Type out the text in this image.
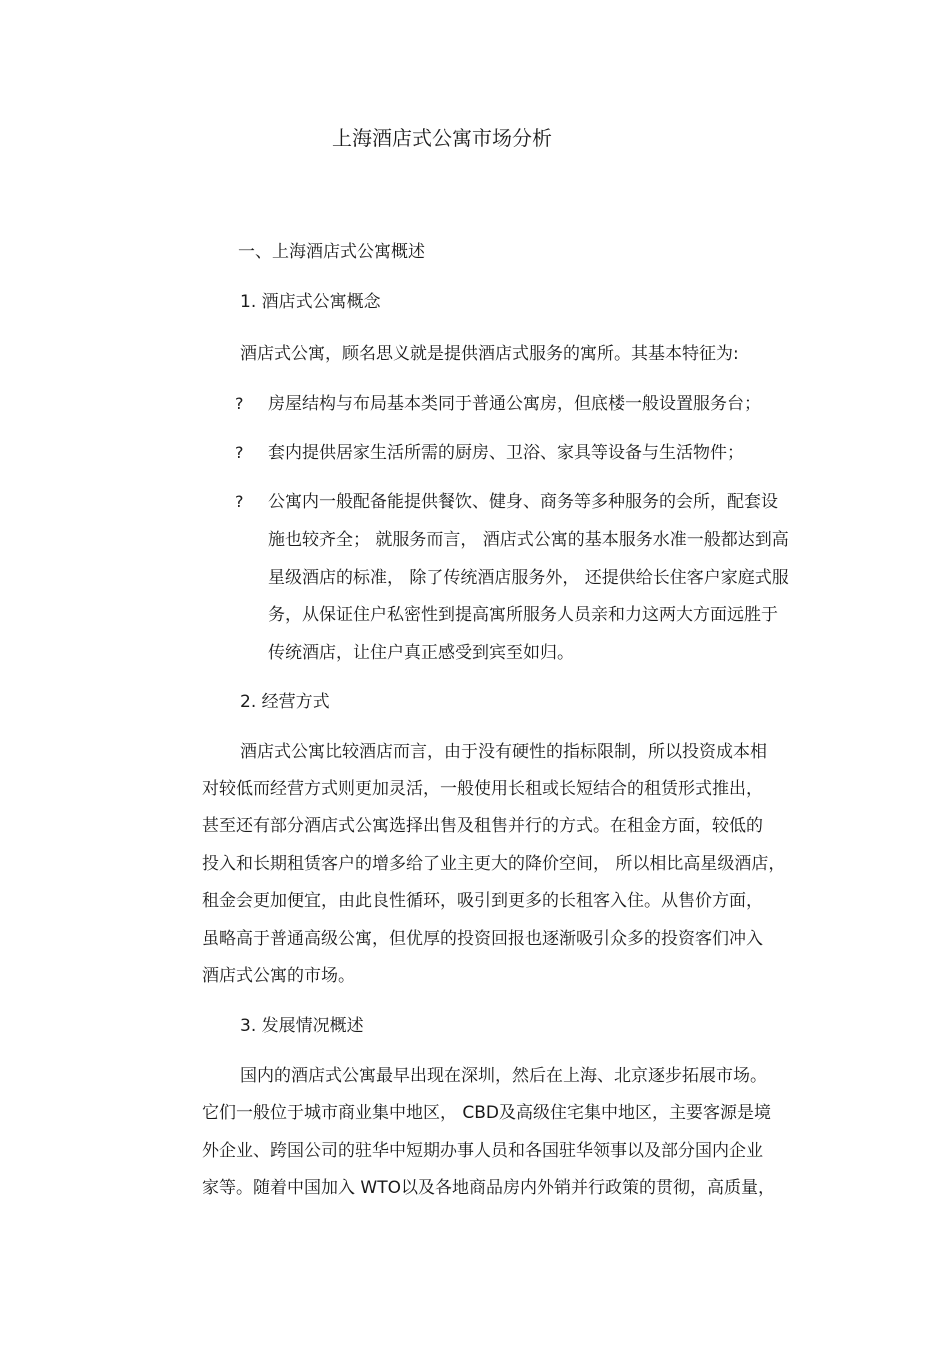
上海酒店式公寓市场分析
一、上海酒店式公寓概述
1. 酒店式公寓概念
酒店式公寓，顾名思义就是提供酒店式服务的寓所。其基本特征为:
? 房屋结构与布局基本类同于普通公寓房，但底楼一般设置服务台；
? 套内提供居家生活所需的厨房、卫浴、家具等设备与生活物件；
? 公寓内一般配备能提供餐饮、健身、商务等多种服务的会所，配套设
施也较齐全； 就服务而言， 酒店式公寓的基本服务水准一般都达到高
星级酒店的标准， 除了传统酒店服务外， 还提供给长住客户家庭式服
务，从保证住户私密性到提高寓所服务人员亲和力这两大方面远胜于
传统酒店，让住户真正感受到宾至如归。
2. 经营方式
酒店式公寓比较酒店而言，由于没有硬性的指标限制，所以投资成本相
对较低而经营方式则更加灵活，一般使用长租或长短结合的租赁形式推出，
甚至还有部分酒店式公寓选择出售及租售并行的方式。在租金方面，较低的
投入和长期租赁客户的增多给了业主更大的降价空间， 所以相比高星级酒店，
租金会更加便宜，由此良性循环，吸引到更多的长租客入住。从售价方面，
虽略高于普通高级公寓，但优厚的投资回报也逐渐吸引众多的投资客们冲入
酒店式公寓的市场。
3. 发展情况概述
国内的酒店式公寓最早出现在深圳，然后在上海、北京逐步拓展市场。
它们一般位于城市商业集中地区， CBD及高级住宅集中地区，主要客源是境
外企业、跨国公司的驻华中短期办事人员和各国驻华领事以及部分国内企业
家等。随着中国加入 WTO以及各地商品房内外销并行政策的贯彻，高质量，
